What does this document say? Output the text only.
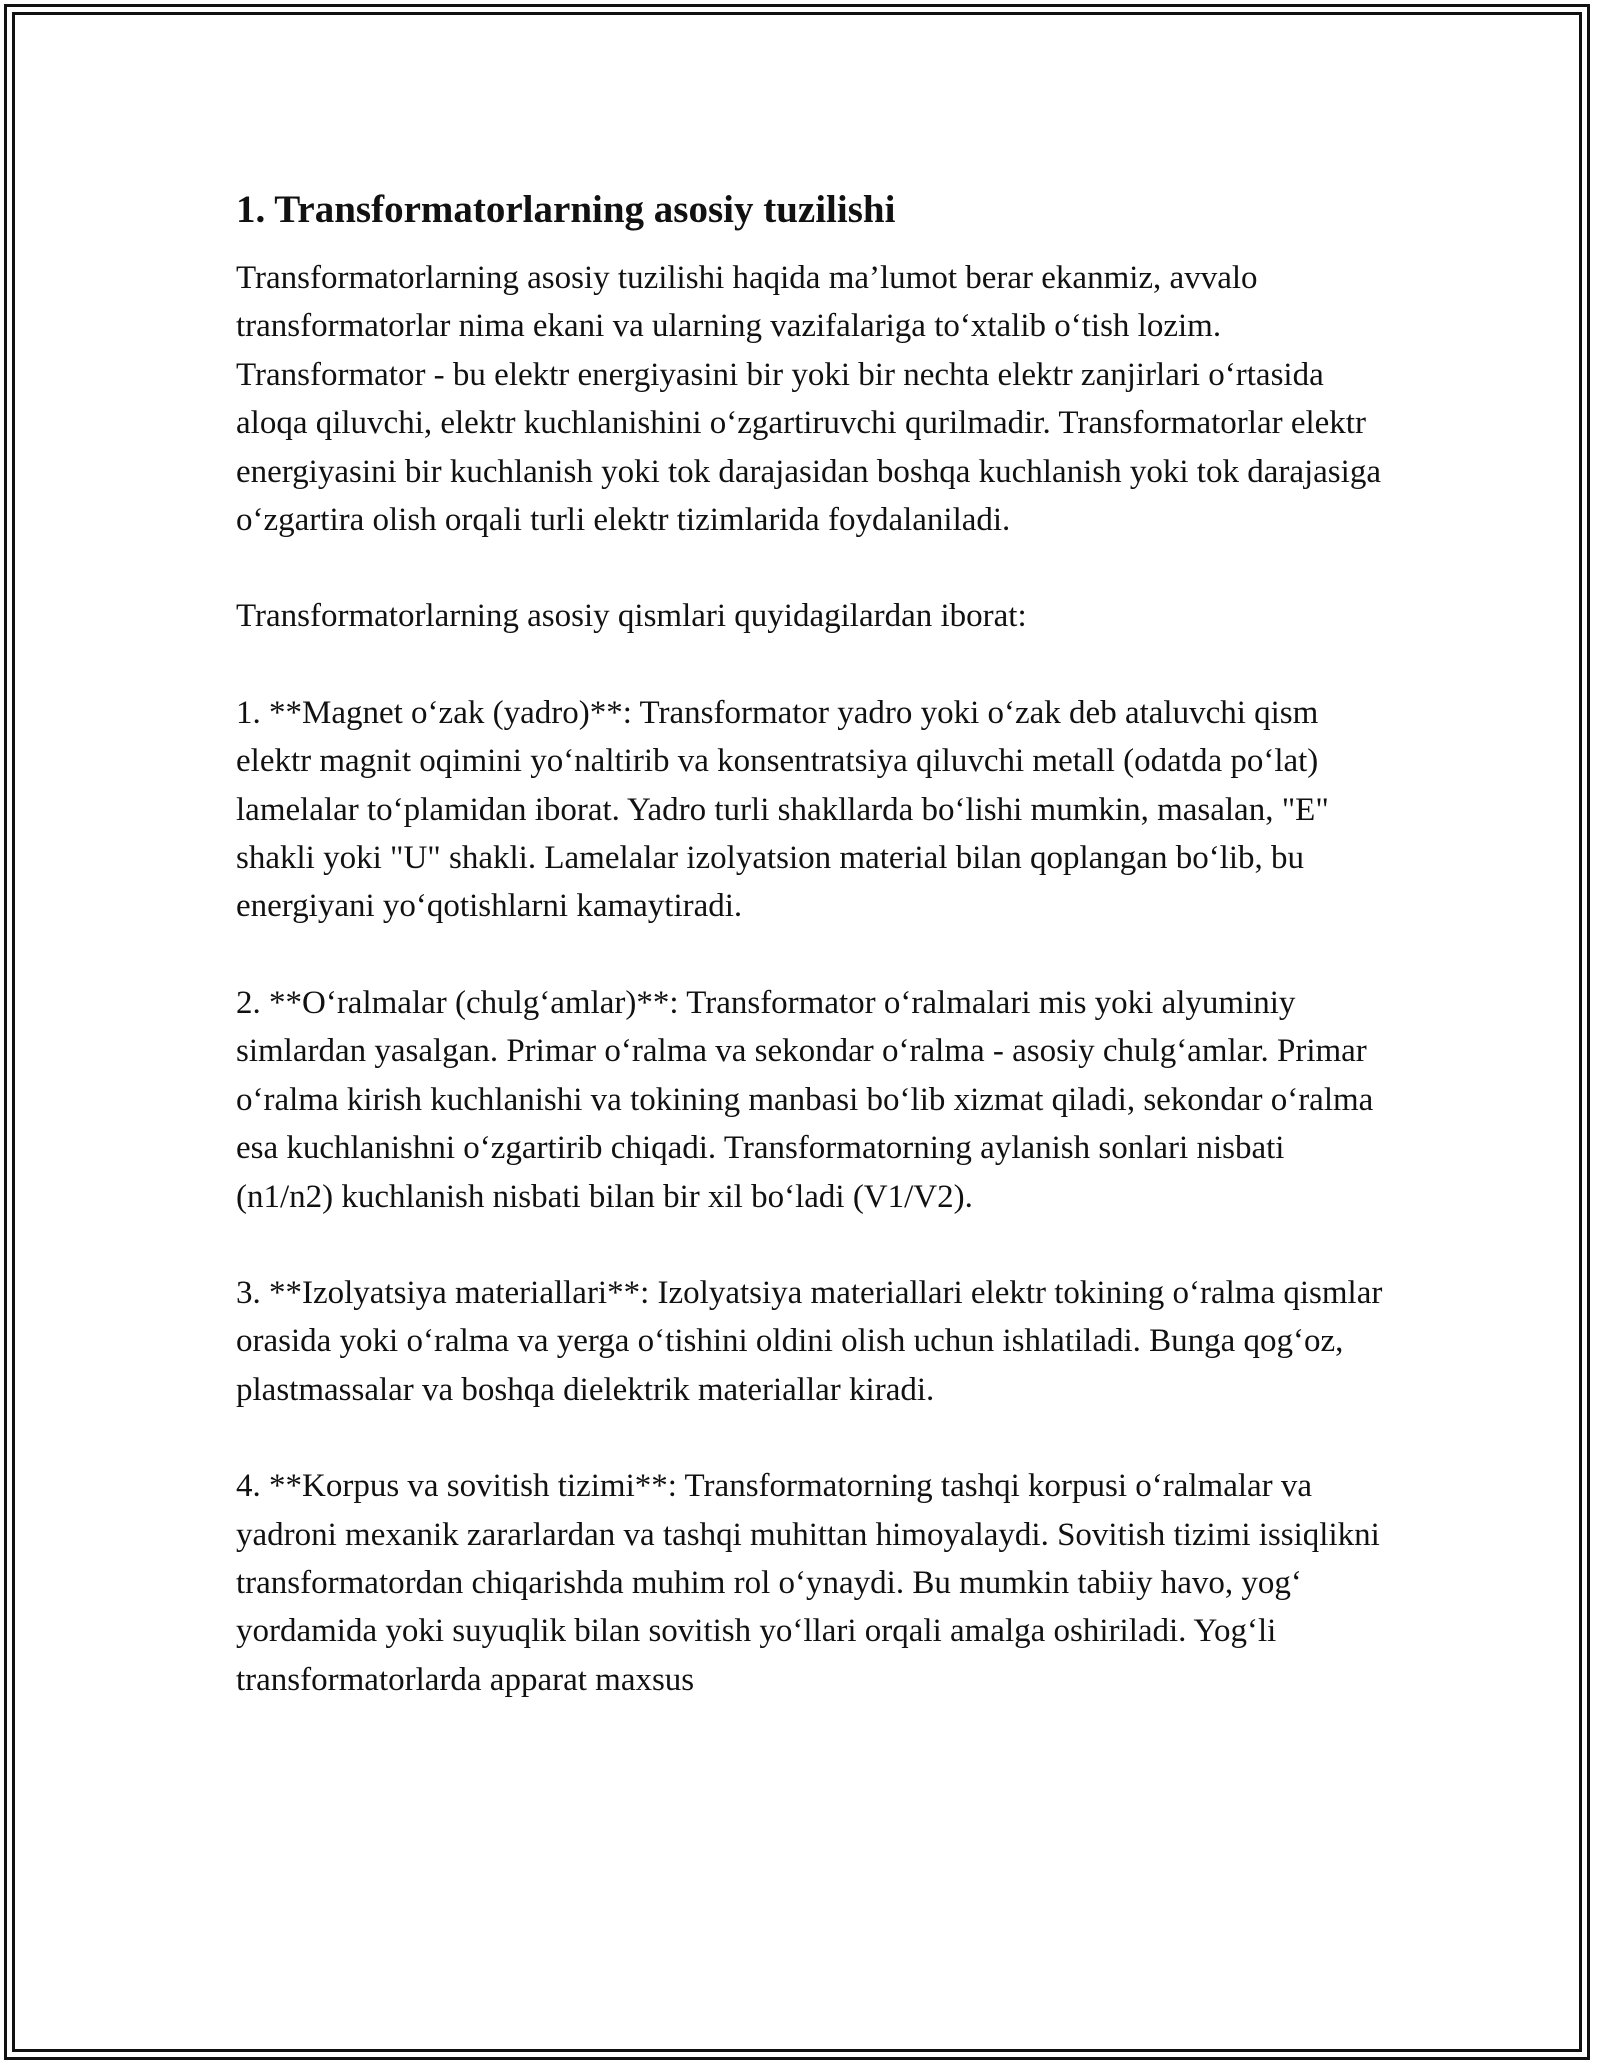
1. Transformatorlarning asosiy tuzilishi

Transformatorlarning asosiy tuzilishi haqida ma’lumot berar ekanmiz, avvalo transformatorlar nima ekani va ularning vazifalariga toʻxtalib oʻtish lozim. Transformator - bu elektr energiyasini bir yoki bir nechta elektr zanjirlari oʻrtasida aloqa qiluvchi, elektr kuchlanishini oʻzgartiruvchi qurilmadir. Transformatorlar elektr energiyasini bir kuchlanish yoki tok darajasidan boshqa kuchlanish yoki tok darajasiga oʻzgartira olish orqali turli elektr tizimlarida foydalaniladi.

Transformatorlarning asosiy qismlari quyidagilardan iborat:

1. **Magnet oʻzak (yadro)**: Transformator yadro yoki oʻzak deb ataluvchi qism elektr magnit oqimini yoʻnaltirib va konsentratsiya qiluvchi metall (odatda poʻlat) lamelalar toʻplamidan iborat. Yadro turli shakllarda boʻlishi mumkin, masalan, "E" shakli yoki "U" shakli. Lamelalar izolyatsion material bilan qoplangan boʻlib, bu energiyani yoʻqotishlarni kamaytiradi.

2. **Oʻralmalar (chulgʻamlar)**: Transformator oʻralmalari mis yoki alyuminiy simlardan yasalgan. Primar oʻralma va sekondar oʻralma - asosiy chulgʻamlar. Primar oʻralma kirish kuchlanishi va tokining manbasi boʻlib xizmat qiladi, sekondar oʻralma esa kuchlanishni oʻzgartirib chiqadi. Transformatorning aylanish sonlari nisbati (n1/n2) kuchlanish nisbati bilan bir xil boʻladi (V1/V2).

3. **Izolyatsiya materiallari**: Izolyatsiya materiallari elektr tokining oʻralma qismlar orasida yoki oʻralma va yerga oʻtishini oldini olish uchun ishlatiladi. Bunga qogʻoz, plastmassalar va boshqa dielektrik materiallar kiradi.

4. **Korpus va sovitish tizimi**: Transformatorning tashqi korpusi oʻralmalar va yadroni mexanik zararlardan va tashqi muhittan himoyalaydi. Sovitish tizimi issiqlikni transformatordan chiqarishda muhim rol oʻynaydi. Bu mumkin tabiiy havo, yogʻ yordamida yoki suyuqlik bilan sovitish yoʻllari orqali amalga oshiriladi. Yogʻli transformatorlarda apparat maxsus
